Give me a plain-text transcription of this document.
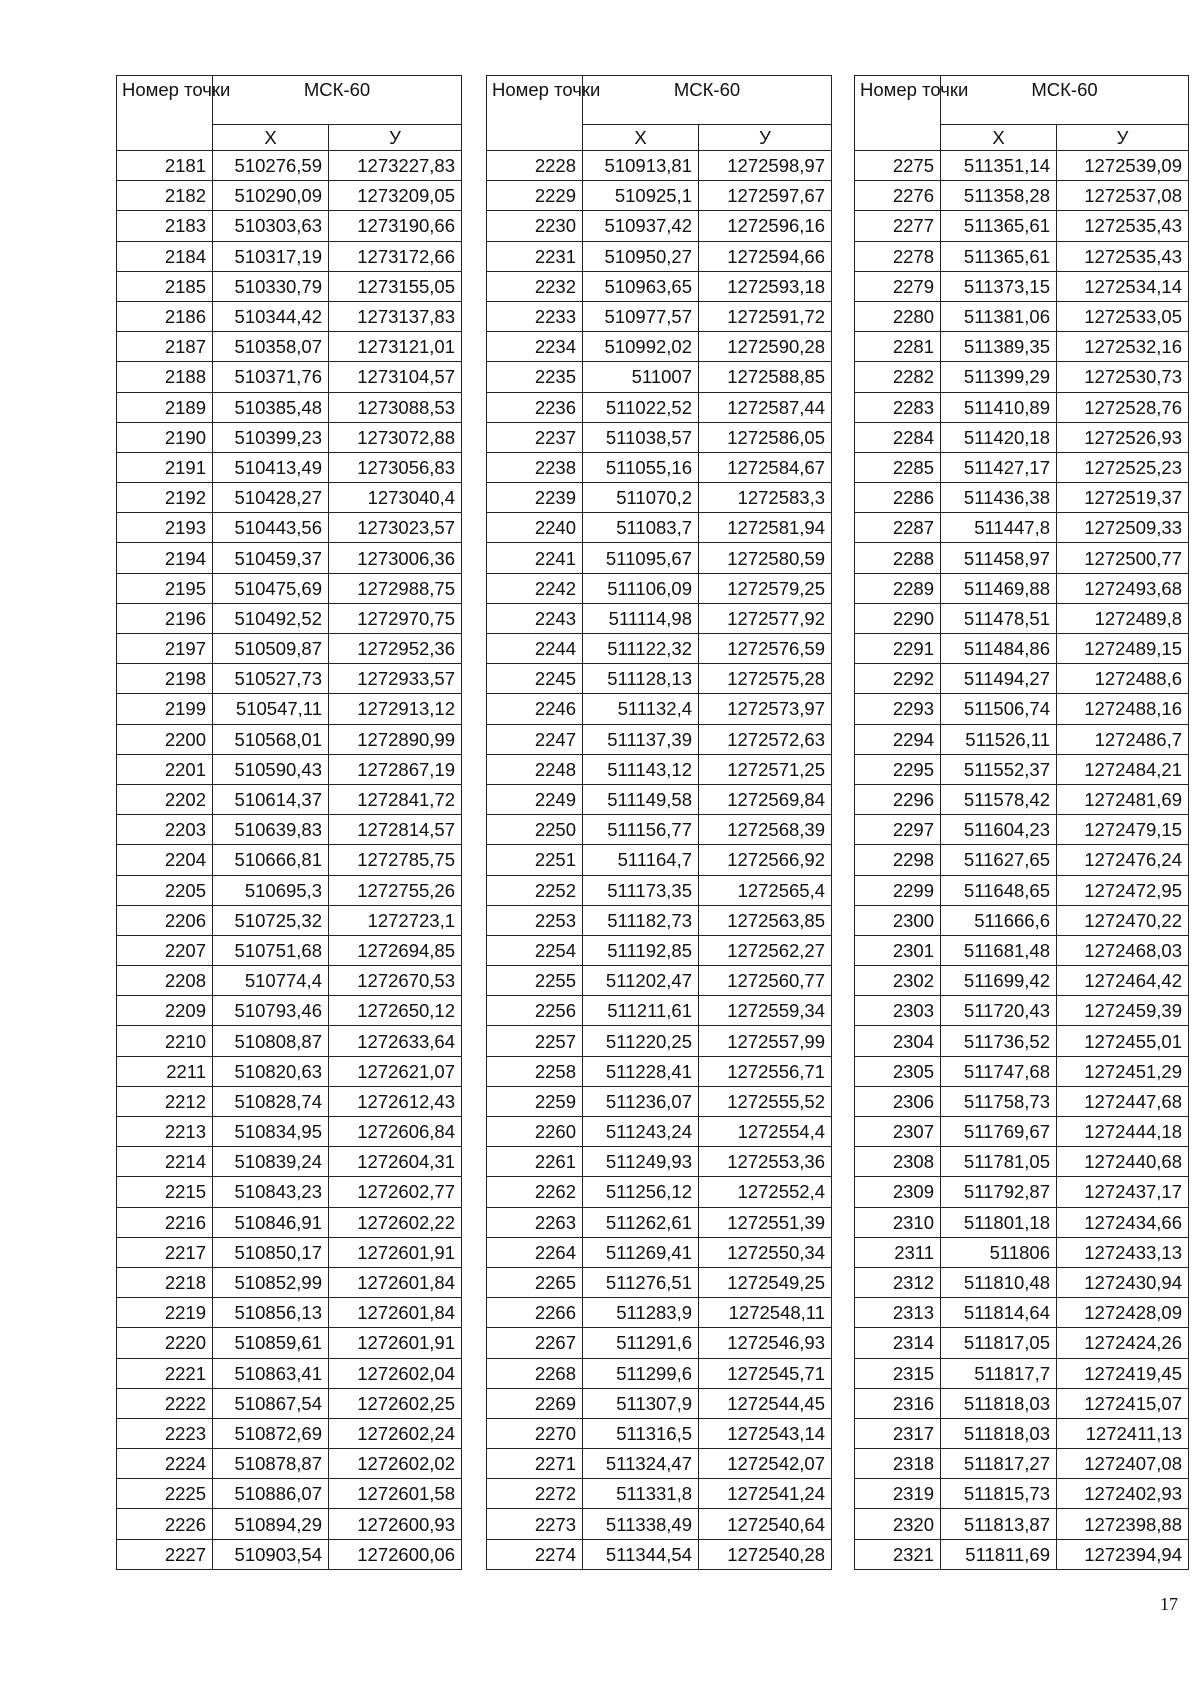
Номер точки	МСК-60	
	Х	У
2181	510276,59	1273227,83
2182	510290,09	1273209,05
2183	510303,63	1273190,66
2184	510317,19	1273172,66
2185	510330,79	1273155,05
2186	510344,42	1273137,83
2187	510358,07	1273121,01
2188	510371,76	1273104,57
2189	510385,48	1273088,53
2190	510399,23	1273072,88
2191	510413,49	1273056,83
2192	510428,27	1273040,4
2193	510443,56	1273023,57
2194	510459,37	1273006,36
2195	510475,69	1272988,75
2196	510492,52	1272970,75
2197	510509,87	1272952,36
2198	510527,73	1272933,57
2199	510547,11	1272913,12
2200	510568,01	1272890,99
2201	510590,43	1272867,19
2202	510614,37	1272841,72
2203	510639,83	1272814,57
2204	510666,81	1272785,75
2205	510695,3	1272755,26
2206	510725,32	1272723,1
2207	510751,68	1272694,85
2208	510774,4	1272670,53
2209	510793,46	1272650,12
2210	510808,87	1272633,64
2211	510820,63	1272621,07
2212	510828,74	1272612,43
2213	510834,95	1272606,84
2214	510839,24	1272604,31
2215	510843,23	1272602,77
2216	510846,91	1272602,22
2217	510850,17	1272601,91
2218	510852,99	1272601,84
2219	510856,13	1272601,84
2220	510859,61	1272601,91
2221	510863,41	1272602,04
2222	510867,54	1272602,25
2223	510872,69	1272602,24
2224	510878,87	1272602,02
2225	510886,07	1272601,58
2226	510894,29	1272600,93
2227	510903,54	1272600,06
Номер точки	МСК-60	
	Х	У
2228	510913,81	1272598,97
2229	510925,1	1272597,67
2230	510937,42	1272596,16
2231	510950,27	1272594,66
2232	510963,65	1272593,18
2233	510977,57	1272591,72
2234	510992,02	1272590,28
2235	511007	1272588,85
2236	511022,52	1272587,44
2237	511038,57	1272586,05
2238	511055,16	1272584,67
2239	511070,2	1272583,3
2240	511083,7	1272581,94
2241	511095,67	1272580,59
2242	511106,09	1272579,25
2243	511114,98	1272577,92
2244	511122,32	1272576,59
2245	511128,13	1272575,28
2246	511132,4	1272573,97
2247	511137,39	1272572,63
2248	511143,12	1272571,25
2249	511149,58	1272569,84
2250	511156,77	1272568,39
2251	511164,7	1272566,92
2252	511173,35	1272565,4
2253	511182,73	1272563,85
2254	511192,85	1272562,27
2255	511202,47	1272560,77
2256	511211,61	1272559,34
2257	511220,25	1272557,99
2258	511228,41	1272556,71
2259	511236,07	1272555,52
2260	511243,24	1272554,4
2261	511249,93	1272553,36
2262	511256,12	1272552,4
2263	511262,61	1272551,39
2264	511269,41	1272550,34
2265	511276,51	1272549,25
2266	511283,9	1272548,11
2267	511291,6	1272546,93
2268	511299,6	1272545,71
2269	511307,9	1272544,45
2270	511316,5	1272543,14
2271	511324,47	1272542,07
2272	511331,8	1272541,24
2273	511338,49	1272540,64
2274	511344,54	1272540,28
Номер точки	МСК-60	
	Х	У
2275	511351,14	1272539,09
2276	511358,28	1272537,08
2277	511365,61	1272535,43
2278	511365,61	1272535,43
2279	511373,15	1272534,14
2280	511381,06	1272533,05
2281	511389,35	1272532,16
2282	511399,29	1272530,73
2283	511410,89	1272528,76
2284	511420,18	1272526,93
2285	511427,17	1272525,23
2286	511436,38	1272519,37
2287	511447,8	1272509,33
2288	511458,97	1272500,77
2289	511469,88	1272493,68
2290	511478,51	1272489,8
2291	511484,86	1272489,15
2292	511494,27	1272488,6
2293	511506,74	1272488,16
2294	511526,11	1272486,7
2295	511552,37	1272484,21
2296	511578,42	1272481,69
2297	511604,23	1272479,15
2298	511627,65	1272476,24
2299	511648,65	1272472,95
2300	511666,6	1272470,22
2301	511681,48	1272468,03
2302	511699,42	1272464,42
2303	511720,43	1272459,39
2304	511736,52	1272455,01
2305	511747,68	1272451,29
2306	511758,73	1272447,68
2307	511769,67	1272444,18
2308	511781,05	1272440,68
2309	511792,87	1272437,17
2310	511801,18	1272434,66
2311	511806	1272433,13
2312	511810,48	1272430,94
2313	511814,64	1272428,09
2314	511817,05	1272424,26
2315	511817,7	1272419,45
2316	511818,03	1272415,07
2317	511818,03	1272411,13
2318	511817,27	1272407,08
2319	511815,73	1272402,93
2320	511813,87	1272398,88
2321	511811,69	1272394,94
17
